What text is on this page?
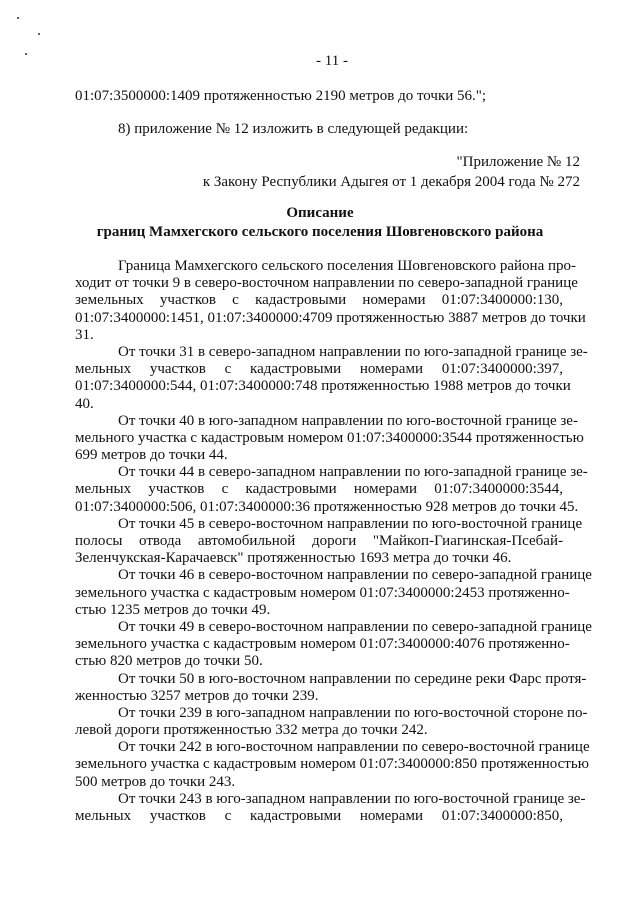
- 11 -
01:07:3500000:1409 протяженностью 2190 метров до точки 56.";
8) приложение № 12 изложить в следующей редакции:
"Приложение № 12
к Закону Республики Адыгея от 1 декабря 2004 года № 272
Описание
границ Мамхегского сельского поселения Шовгеновского района
Граница Мамхегского сельского поселения Шовгеновского района про-
ходит от точки 9 в северо-восточном направлении по северо-западной границе
земельных участков с кадастровыми номерами 01:07:3400000:130,
01:07:3400000:1451, 01:07:3400000:4709 протяженностью 3887 метров до точки
31.
От точки 31 в северо-западном направлении по юго-западной границе зе-
мельных участков с кадастровыми номерами 01:07:3400000:397,
01:07:3400000:544, 01:07:3400000:748 протяженностью 1988 метров до точки
40.
От точки 40 в юго-западном направлении по юго-восточной границе зе-
мельного участка с кадастровым номером 01:07:3400000:3544 протяженностью
699 метров до точки 44.
От точки 44 в северо-западном направлении по юго-западной границе зе-
мельных участков с кадастровыми номерами 01:07:3400000:3544,
01:07:3400000:506, 01:07:3400000:36 протяженностью 928 метров до точки 45.
От точки 45 в северо-восточном направлении по юго-восточной границе
полосы отвода автомобильной дороги "Майкоп-Гиагинская-Псебай-
Зеленчукская-Карачаевск" протяженностью 1693 метра до точки 46.
От точки 46 в северо-восточном направлении по северо-западной границе
земельного участка с кадастровым номером 01:07:3400000:2453 протяженно-
стью 1235 метров до точки 49.
От точки 49 в северо-восточном направлении по северо-западной границе
земельного участка с кадастровым номером 01:07:3400000:4076 протяженно-
стью 820 метров до точки 50.
От точки 50 в юго-восточном направлении по середине реки Фарс протя-
женностью 3257 метров до точки 239.
От точки 239 в юго-западном направлении по юго-восточной стороне по-
левой дороги протяженностью 332 метра до точки 242.
От точки 242 в юго-восточном направлении по северо-восточной границе
земельного участка с кадастровым номером 01:07:3400000:850 протяженностью
500 метров до точки 243.
От точки 243 в юго-западном направлении по юго-восточной границе зе-
мельных участков с кадастровыми номерами 01:07:3400000:850,
